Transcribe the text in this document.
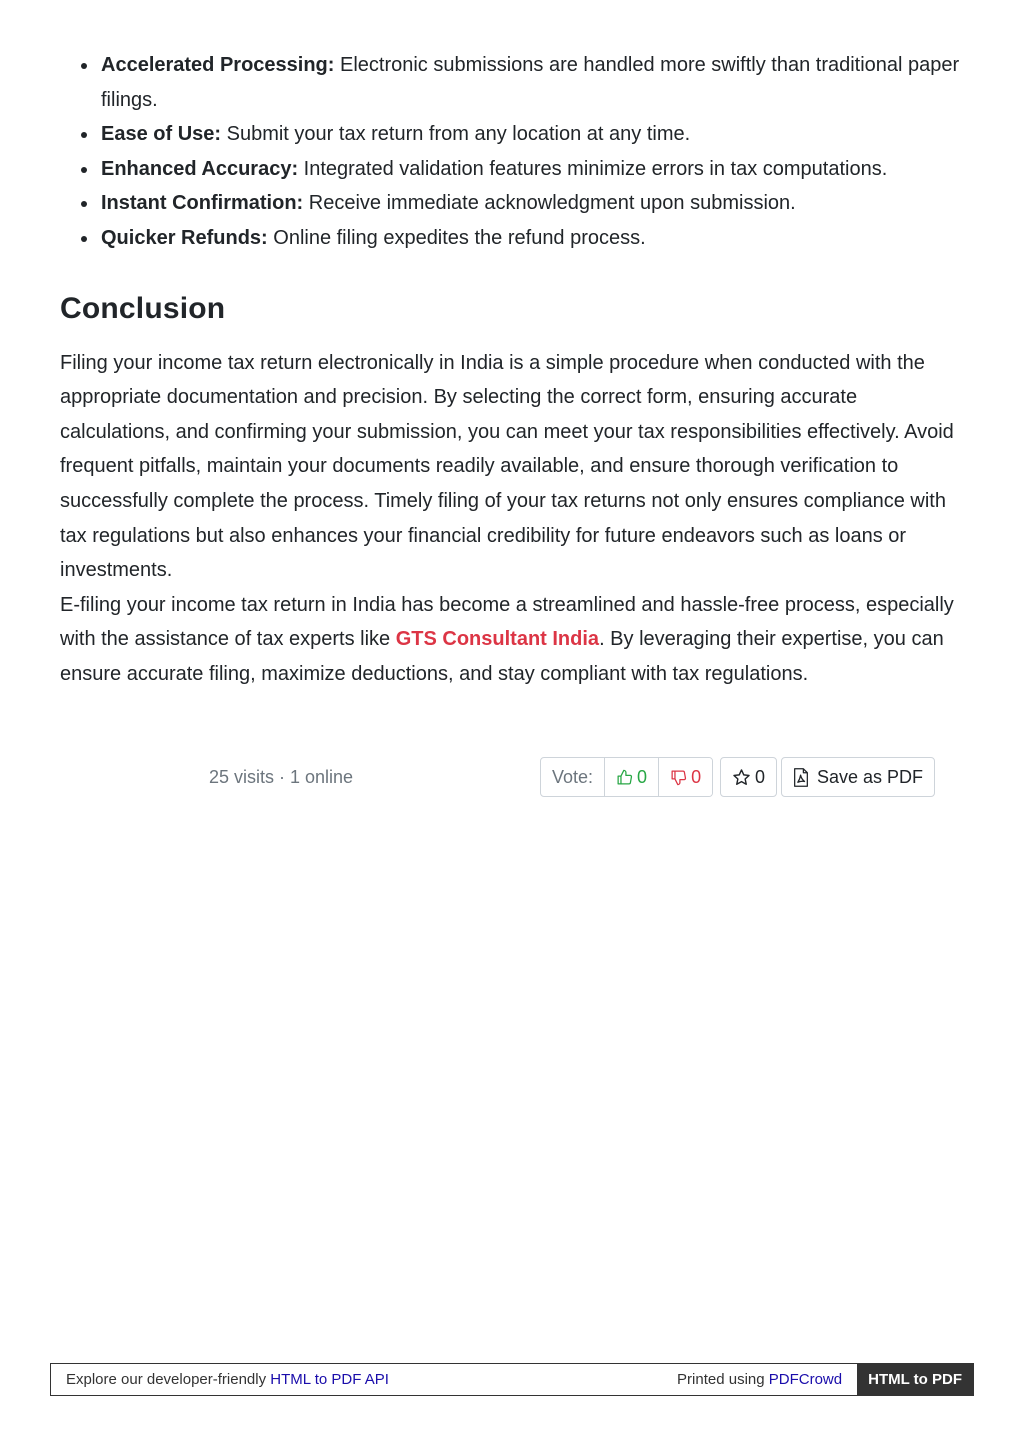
Accelerated Processing: Electronic submissions are handled more swiftly than traditional paper filings.
Ease of Use: Submit your tax return from any location at any time.
Enhanced Accuracy: Integrated validation features minimize errors in tax computations.
Instant Confirmation: Receive immediate acknowledgment upon submission.
Quicker Refunds: Online filing expedites the refund process.
Conclusion

Filing your income tax return electronically in India is a simple procedure when conducted with the appropriate documentation and precision. By selecting the correct form, ensuring accurate calculations, and confirming your submission, you can meet your tax responsibilities effectively. Avoid frequent pitfalls, maintain your documents readily available, and ensure thorough verification to successfully complete the process. Timely filing of your tax returns not only ensures compliance with tax regulations but also enhances your financial credibility for future endeavors such as loans or investments.

E-filing your income tax return in India has become a streamlined and hassle-free process, especially with the assistance of tax experts like GTS Consultant India. By leveraging their expertise, you can ensure accurate filing, maximize deductions, and stay compliant with tax regulations.

25 visits · 1 online	Vote:	0 0	0	Save as PDF
Explore our developer-friendly HTML to PDF API	Printed using PDFCrowd	HTML to PDF
